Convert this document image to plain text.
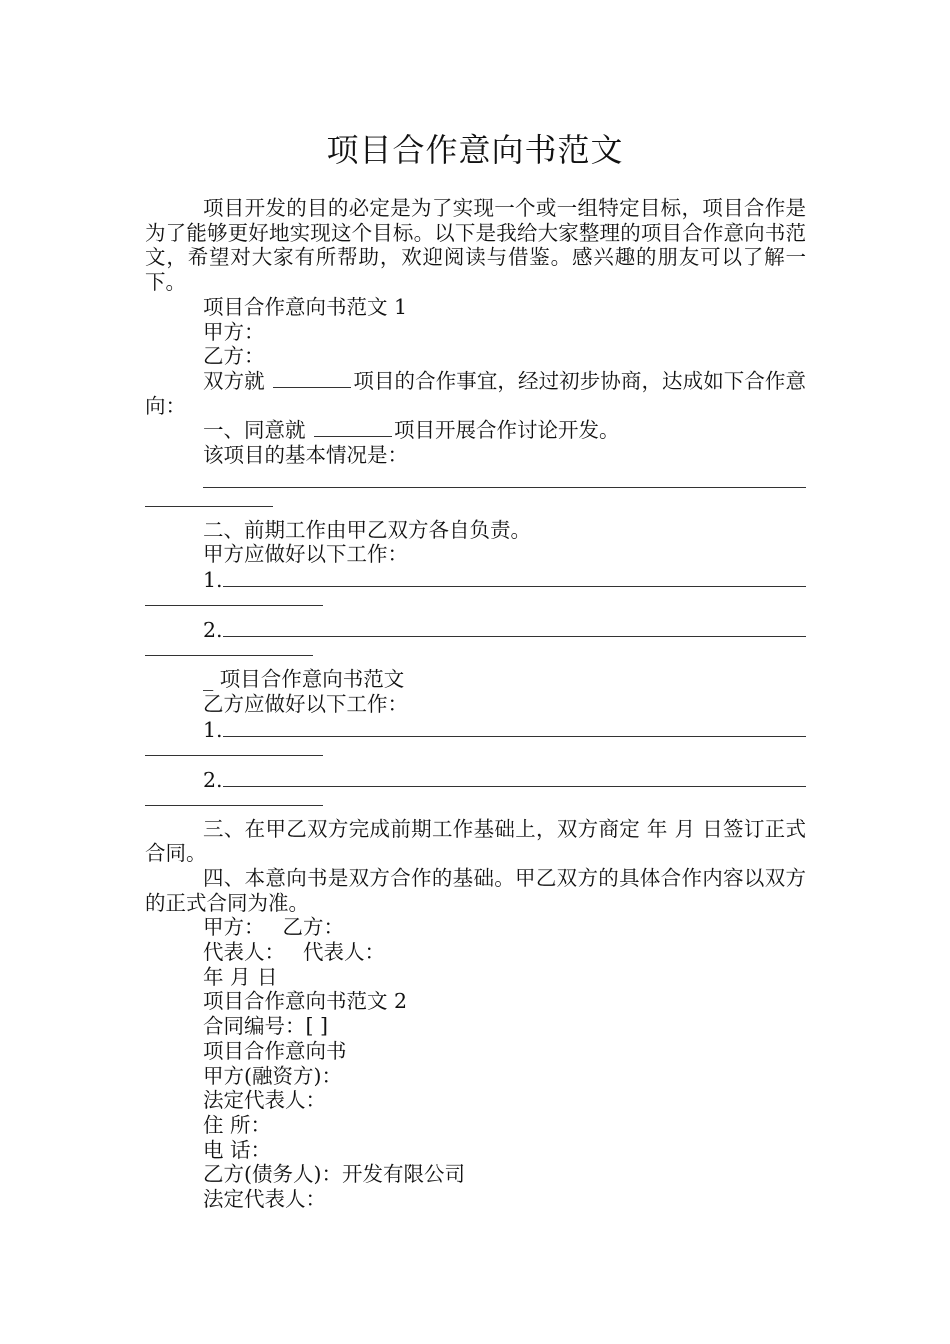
项目合作意向书范文

项目开发的目的必定是为了实现一个或一组特定目标，项目合作是为了能够更好地实现这个目标。以下是我给大家整理的项目合作意向书范文，希望对大家有所帮助，欢迎阅读与借鉴。感兴趣的朋友可以了解一下。

项目合作意向书范文 1

甲方：

乙方：

双方就	项目的合作事宜，经过初步协商，达成如下合作意向：

一、同意就	项目开展合作讨论开发。

该项目的基本情况是：

二、前期工作由甲乙双方各自负责。

甲方应做好以下工作：

1.
2.

_ 项目合作意向书范文

乙方应做好以下工作：

1.
2.

三、在甲乙双方完成前期工作基础上，双方商定 年 月 日签订正式合同。

四、本意向书是双方合作的基础。甲乙双方的具体合作内容以双方的正式合同为准。

甲方： 乙方：

代表人： 代表人：

年 月 日

项目合作意向书范文 2

合同编号：[ ]

项目合作意向书

甲方(融资方)：

法定代表人：

住 所：

电 话：

乙方(债务人)：开发有限公司

法定代表人：
